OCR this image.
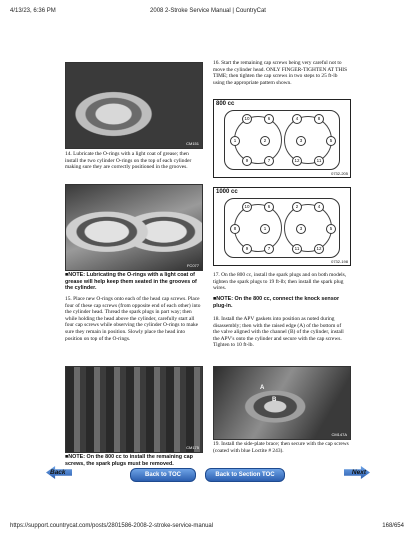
4/13/23, 6:36 PM	2008 2-Stroke Service Manual | CountryCat
CM151

14. Lubricate the O-rings with a light coat of grease; then install the two cylinder O-rings on the top of each cylinder making sure they are correctly positioned in the grooves.

FC077

■NOTE: Lubricating the O-rings with a light coat of grease will help keep them seated in the grooves of the cylinder.

15. Place new O-rings onto each of the head cap screws. Place four of these cap screws (from opposite end of each other) into the cylinder head. Thread the spark plugs in part way; then while holding the head above the cylinder, carefully start all four cap screws while observing the cylinder O-rings to make sure they remain in position. Slowly place the head into position on top of the O-rings.

CM175

■NOTE: On the 800 cc to install the remaining cap screws, the spark plugs must be removed.

16. Start the remaining cap screws being very careful not to move the cylinder head. ONLY FINGER-TIGHTEN AT THIS TIME; then tighten the cap screws in two steps to 25 ft-lb using the appropriate pattern shown.

800 cc
10	6	4	8
1	2	3	5
9	7	12	11
0732-205
1000 cc
10	6	2	4
8	1	3	5
9	7	11	12
0732-198

17. On the 800 cc, install the spark plugs and on both models, tighten the spark plugs to 19 ft-lb; then install the spark plug wires.

■NOTE: On the 800 cc, connect the knock sensor plug-in.

18. Install the APV gaskets into position as noted during disassembly; then with the raised edge (A) of the bottom of the valve aligned with the channel (B) of the cylinder, install the APV's onto the cylinder and secure with the cap screws. Tighten to 10 ft-lb.

A
B
CM147A

19. Install the side-plate brace; then secure with the cap screws (coated with blue Loctite # 243).

Back	Back to TOC	Back to Section TOC	Next
https://support.countrycat.com/posts/2801586-2008-2-stroke-service-manual	168/654
